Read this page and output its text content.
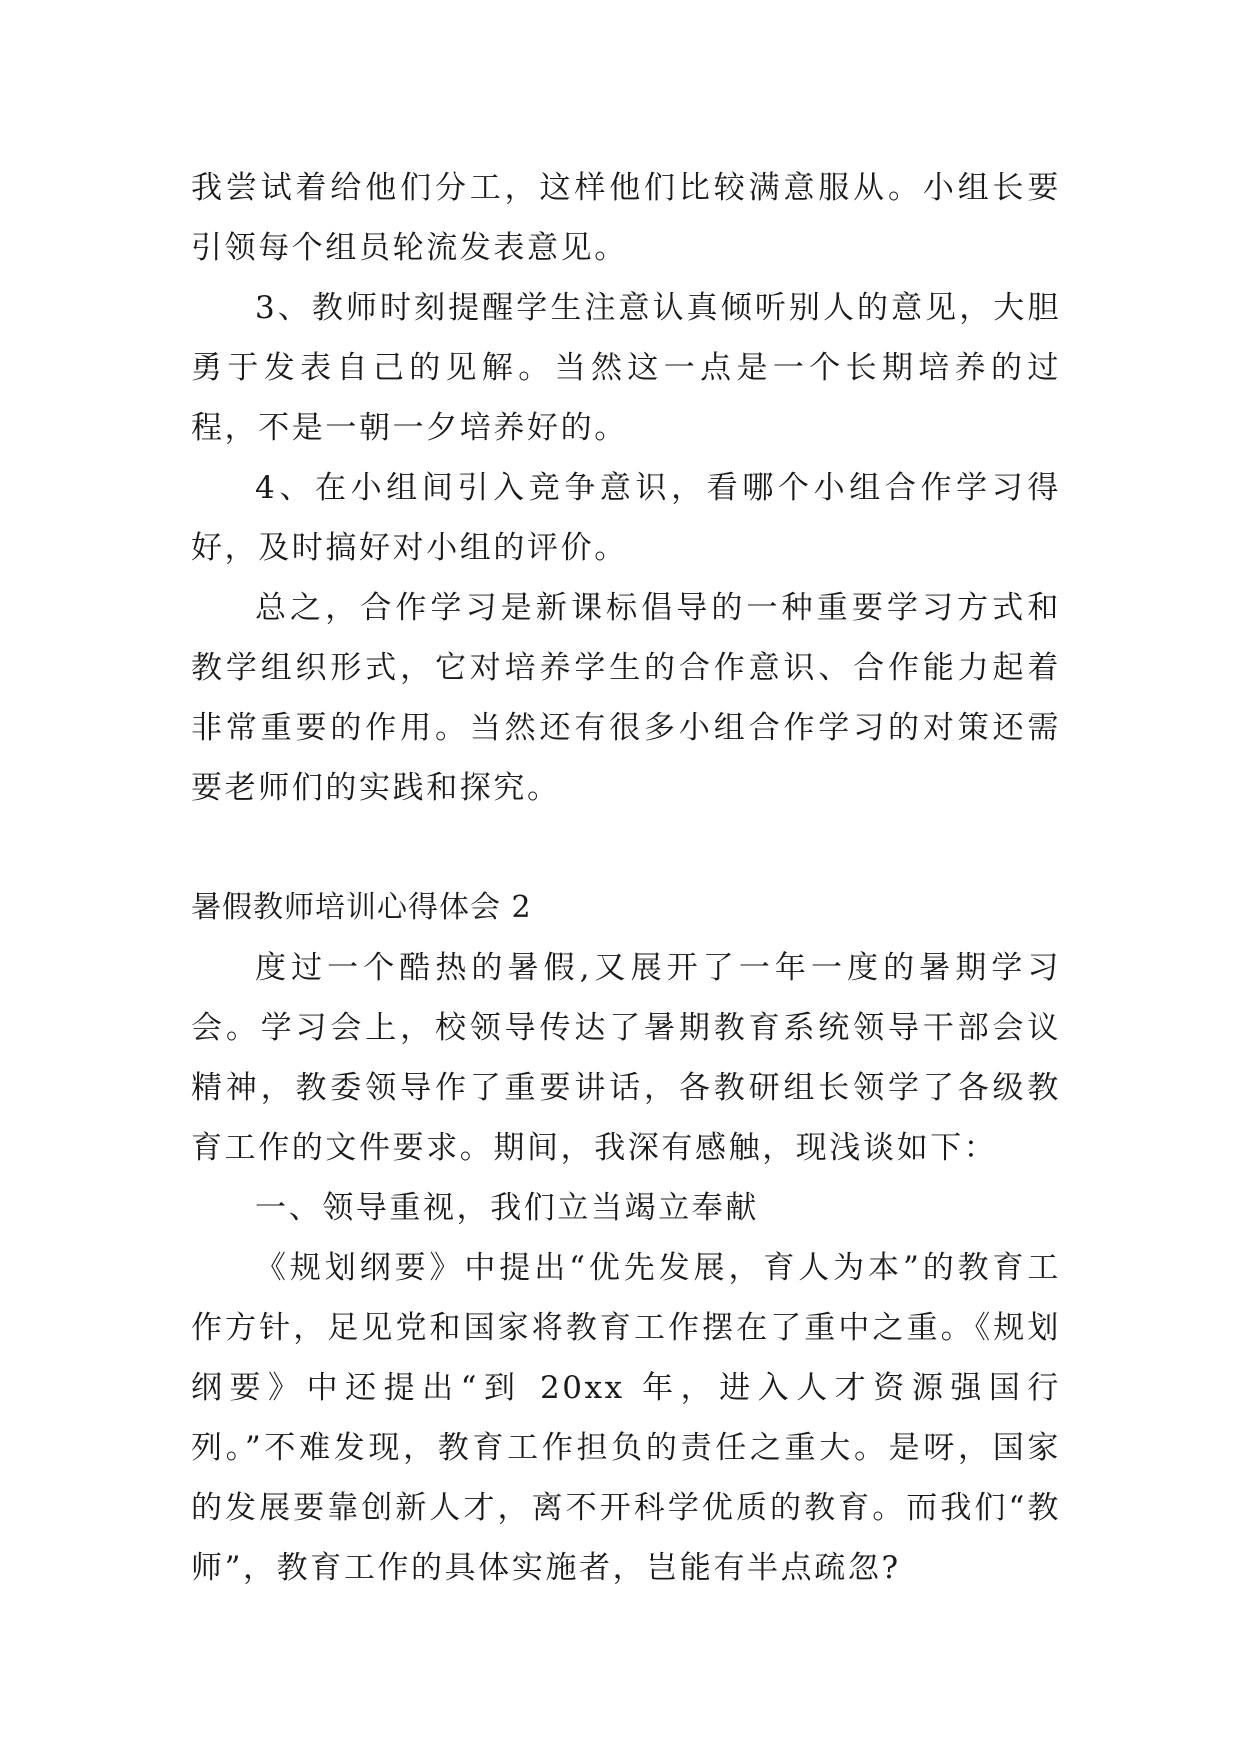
我尝试着给他们分工，这样他们比较满意服从。小组长要引领每个组员轮流发表意见。

3、教师时刻提醒学生注意认真倾听别人的意见，大胆勇于发表自己的见解。当然这一点是一个长期培养的过程，不是一朝一夕培养好的。

4、在小组间引入竞争意识，看哪个小组合作学习得好，及时搞好对小组的评价。

总之，合作学习是新课标倡导的一种重要学习方式和教学组织形式，它对培养学生的合作意识、合作能力起着非常重要的作用。当然还有很多小组合作学习的对策还需要老师们的实践和探究。

暑假教师培训心得体会 2

度过一个酷热的暑假,又展开了一年一度的暑期学习会。学习会上，校领导传达了暑期教育系统领导干部会议精神，教委领导作了重要讲话，各教研组长领学了各级教育工作的文件要求。期间，我深有感触，现浅谈如下：

一、领导重视，我们立当竭立奉献

《规划纲要》中提出“优先发展，育人为本”的教育工作方针，足见党和国家将教育工作摆在了重中之重。《规划纲要》中还提出“到 20xx 年，进入人才资源强国行列。”不难发现，教育工作担负的责任之重大。是呀，国家的发展要靠创新人才，离不开科学优质的教育。而我们“教师”，教育工作的具体实施者，岂能有半点疏忽?
